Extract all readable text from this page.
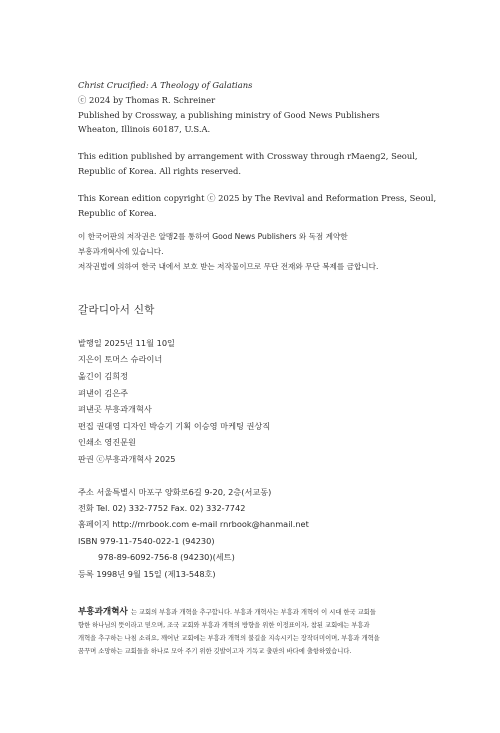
Christ Crucified: A Theology of Galatians
ⓒ 2024 by Thomas R. Schreiner
Published by Crossway, a publishing ministry of Good News Publishers
Wheaton, Illinois 60187, U.S.A.
This edition published by arrangement with Crossway through rMaeng2, Seoul,
Republic of Korea. All rights reserved.
This Korean edition copyright ⓒ 2025 by The Revival and Reformation Press, Seoul,
Republic of Korea.
이 한국어판의 저작권은 알맹2를 통하여 Good News Publishers 와 독점 계약한
부흥과개혁사에 있습니다.
저작권법에 의하여 한국 내에서 보호 받는 저작물이므로 무단 전재와 무단 복제를 금합니다.
갈라디아서 신학
발행일 2025년 11월 10일
지은이 토머스 슈라이너
옮긴이 김희정
펴낸이 김은주
펴낸곳 부흥과개혁사
편집 권대영 디자인 박승기 기획 이승영 마케팅 권상직
인쇄소 영진문원
판권 ⓒ부흥과개혁사 2025
주소 서울특별시 마포구 양화로6길 9-20, 2층(서교동)
전화 Tel. 02) 332-7752 Fax. 02) 332-7742
홈페이지 http://rnrbook.com e-mail rnrbook@hanmail.net
ISBN 979-11-7540-022-1 (94230)
978-89-6092-756-8 (94230)(세트)
등록 1998년 9월 15일 (제13-548호)
부흥과개혁사 는 교회의 부흥과 개혁을 추구합니다. 부흥과 개혁사는 부흥과 개혁이 이 시대 한국 교회들
향한 하나님의 뜻이라고 믿으며, 조국 교회와 부흥과 개혁의 방향을 위한 이정표이자, 참된 교회에는 부흥과
개혁을 추구하는 나침 소리요, 깨어난 교회에는 부흥과 개혁의 불길을 지속시키는 장작더미이며, 부흥과 개혁을
꿈꾸며 소망하는 교회들을 하나로 모아 주기 위한 깃발이고자 기독교 출판의 바다에 출항하였습니다.
